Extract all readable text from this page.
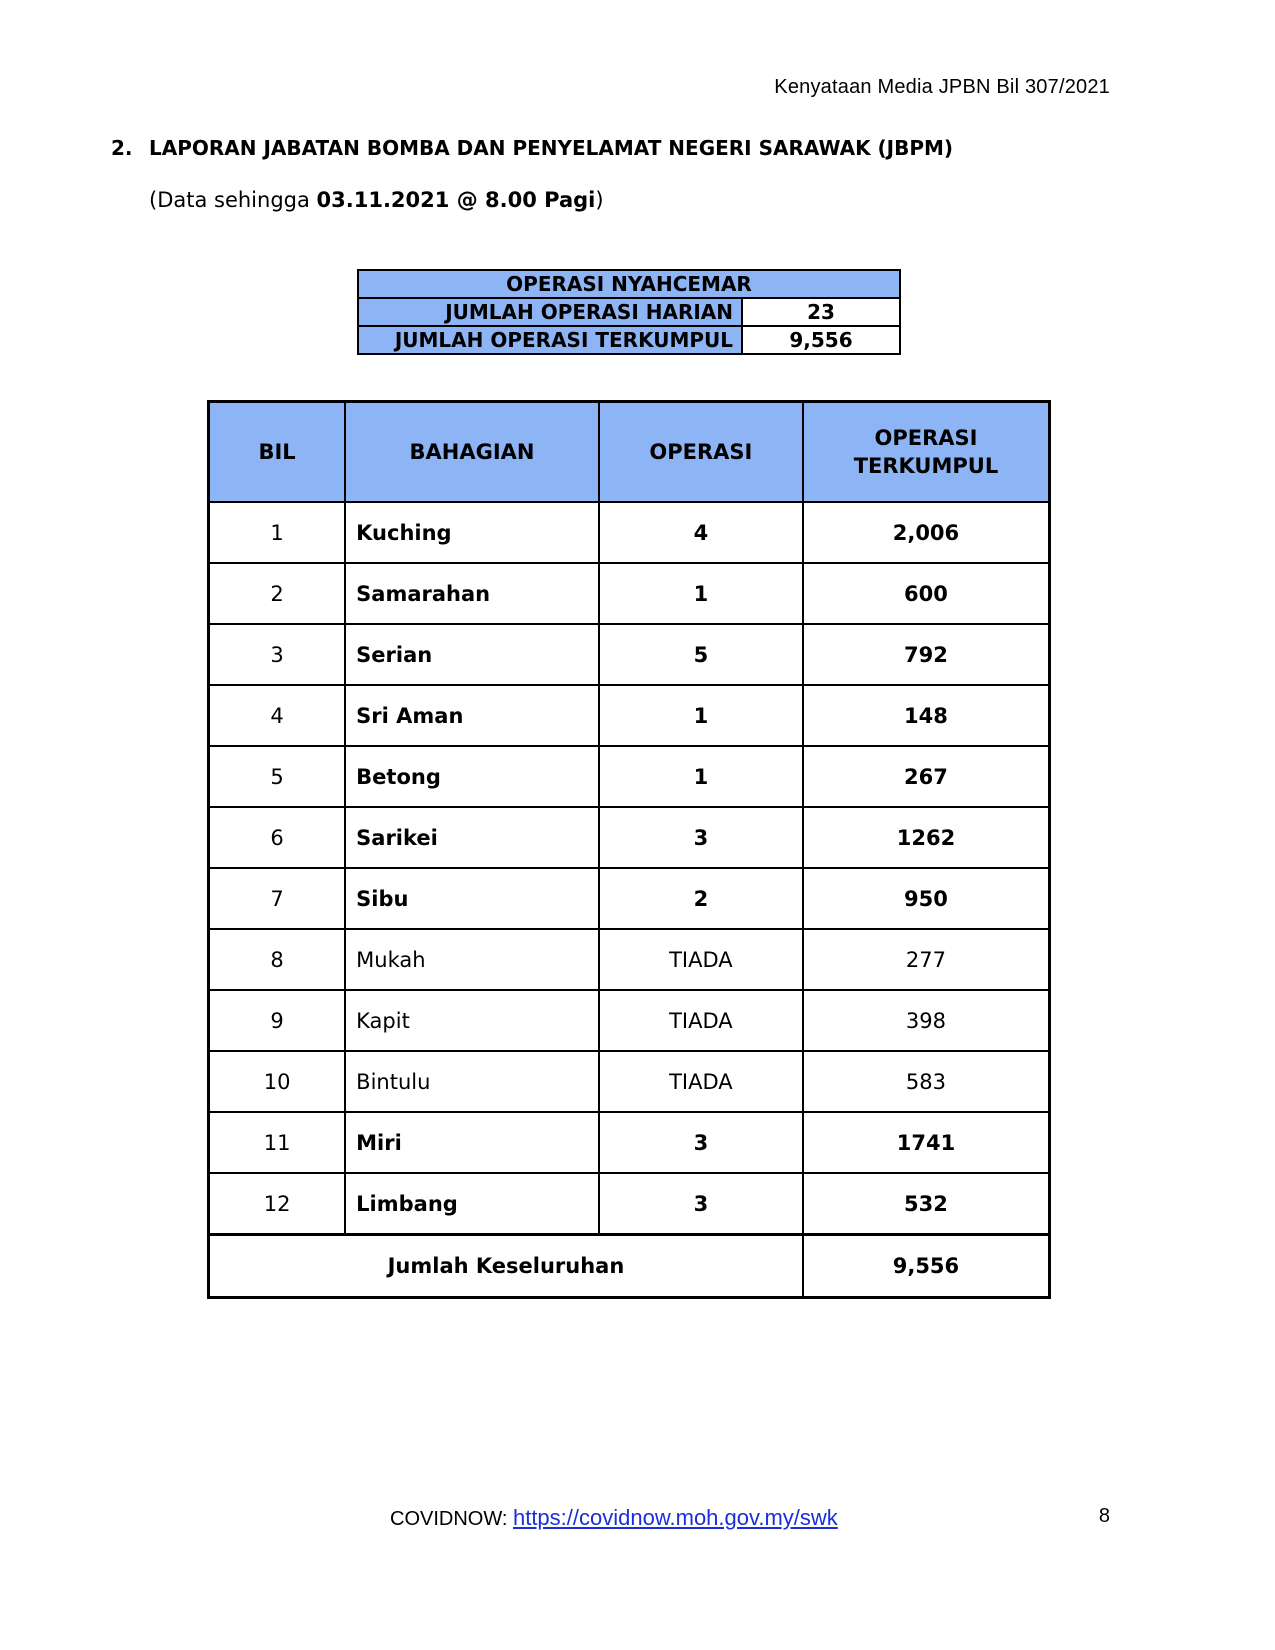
Kenyataan Media JPBN Bil 307/2021
2. LAPORAN JABATAN BOMBA DAN PENYELAMAT NEGERI SARAWAK (JBPM)
(Data sehingga 03.11.2021 @ 8.00 Pagi)
OPERASI NYAHCEMAR	
JUMLAH OPERASI HARIAN	23
JUMLAH OPERASI TERKUMPUL	9,556
BIL	BAHAGIAN	OPERASI	OPERASI
TERKUMPUL
1	Kuching	4	2,006
2	Samarahan	1	600
3	Serian	5	792
4	Sri Aman	1	148
5	Betong	1	267
6	Sarikei	3	1262
7	Sibu	2	950
8	Mukah	TIADA	277
9	Kapit	TIADA	398
10	Bintulu	TIADA	583
11	Miri	3	1741
12	Limbang	3	532
Jumlah Keseluruhan			9,556
COVIDNOW: https://covidnow.moh.gov.my/swk	8
